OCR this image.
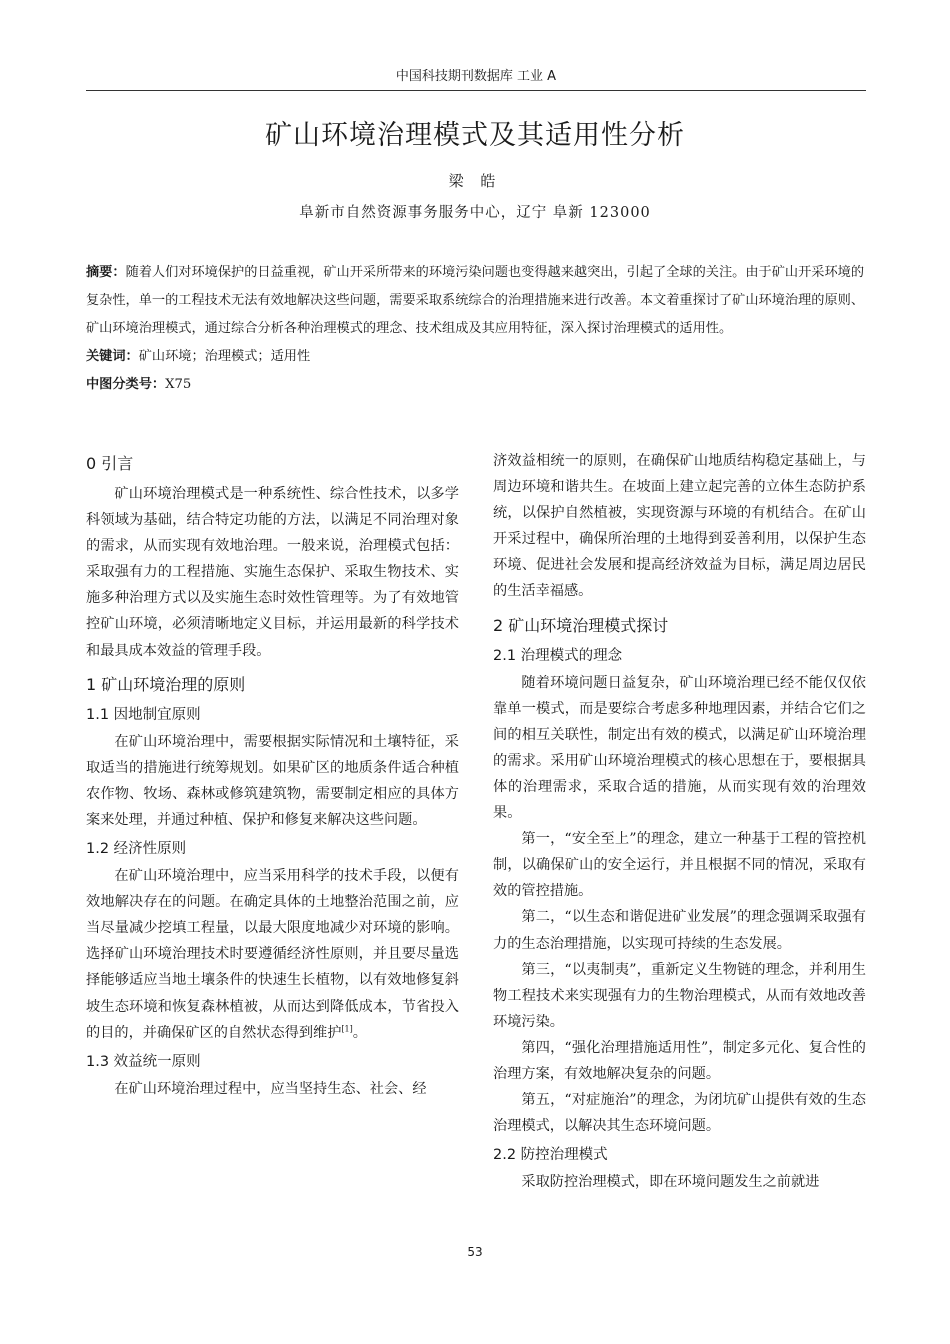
中国科技期刊数据库 工业 A
矿山环境治理模式及其适用性分析
梁 皓
阜新市自然资源事务服务中心，辽宁 阜新 123000

摘要：随着人们对环境保护的日益重视，矿山开采所带来的环境污染问题也变得越来越突出，引起了全球的关注。由于矿山开采环境的复杂性，单一的工程技术无法有效地解决这些问题，需要采取系统综合的治理措施来进行改善。本文着重探讨了矿山环境治理的原则、矿山环境治理模式，通过综合分析各种治理模式的理念、技术组成及其应用特征，深入探讨治理模式的适用性。

关键词：矿山环境；治理模式；适用性

中图分类号：X75

0 引言

矿山环境治理模式是一种系统性、综合性技术，以多学科领域为基础，结合特定功能的方法，以满足不同治理对象的需求，从而实现有效地治理。一般来说，治理模式包括：采取强有力的工程措施、实施生态保护、采取生物技术、实施多种治理方式以及实施生态时效性管理等。为了有效地管控矿山环境，必须清晰地定义目标，并运用最新的科学技术和最具成本效益的管理手段。

1 矿山环境治理的原则
1.1 因地制宜原则

在矿山环境治理中，需要根据实际情况和土壤特征，采取适当的措施进行统筹规划。如果矿区的地质条件适合种植农作物、牧场、森林或修筑建筑物，需要制定相应的具体方案来处理，并通过种植、保护和修复来解决这些问题。

1.2 经济性原则

在矿山环境治理中，应当采用科学的技术手段，以便有效地解决存在的问题。在确定具体的土地整治范围之前，应当尽量减少挖填工程量，以最大限度地减少对环境的影响。选择矿山环境治理技术时要遵循经济性原则，并且要尽量选择能够适应当地土壤条件的快速生长植物，以有效地修复斜坡生态环境和恢复森林植被，从而达到降低成本，节省投入的目的，并确保矿区的自然状态得到维护[1]。

1.3 效益统一原则

在矿山环境治理过程中，应当坚持生态、社会、经

济效益相统一的原则，在确保矿山地质结构稳定基础上，与周边环境和谐共生。在坡面上建立起完善的立体生态防护系统，以保护自然植被，实现资源与环境的有机结合。在矿山开采过程中，确保所治理的土地得到妥善利用，以保护生态环境、促进社会发展和提高经济效益为目标，满足周边居民的生活幸福感。

2 矿山环境治理模式探讨
2.1 治理模式的理念

随着环境问题日益复杂，矿山环境治理已经不能仅仅依靠单一模式，而是要综合考虑多种地理因素，并结合它们之间的相互关联性，制定出有效的模式，以满足矿山环境治理的需求。采用矿山环境治理模式的核心思想在于，要根据具体的治理需求，采取合适的措施，从而实现有效的治理效果。

第一，“安全至上”的理念，建立一种基于工程的管控机制，以确保矿山的安全运行，并且根据不同的情况，采取有效的管控措施。

第二，“以生态和谐促进矿业发展”的理念强调采取强有力的生态治理措施，以实现可持续的生态发展。

第三，“以夷制夷”，重新定义生物链的理念，并利用生物工程技术来实现强有力的生物治理模式，从而有效地改善环境污染。

第四，“强化治理措施适用性”，制定多元化、复合性的治理方案，有效地解决复杂的问题。

第五，“对症施治”的理念，为闭坑矿山提供有效的生态治理模式，以解决其生态环境问题。

2.2 防控治理模式

采取防控治理模式，即在环境问题发生之前就进

53
